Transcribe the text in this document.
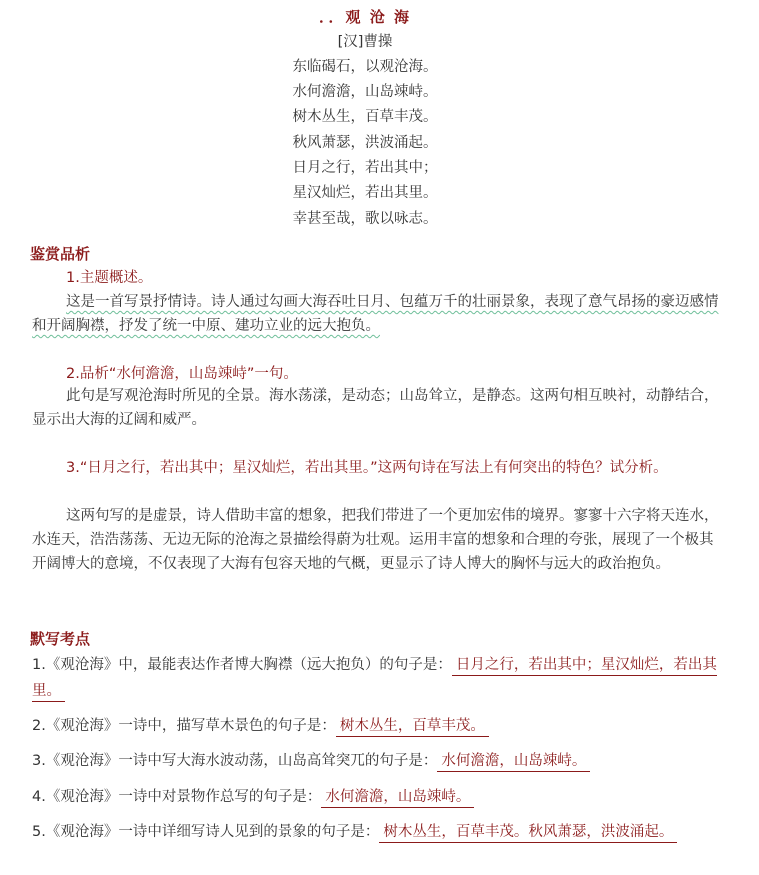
．．观 沧 海
[汉]曹操
东临碣石，以观沧海。
水何澹澹，山岛竦峙。
树木丛生，百草丰茂。
秋风萧瑟，洪波涌起。
日月之行，若出其中；
星汉灿烂，若出其里。
幸甚至哉，歌以咏志。
鉴赏品析
1.主题概述。
这是一首写景抒情诗。诗人通过勾画大海吞吐日月、包蕴万千的壮丽景象，表现了意气昂扬的豪迈感情和开阔胸襟，抒发了统一中原、建功立业的远大抱负。
2.品析“水何澹澹，山岛竦峙”一句。
此句是写观沧海时所见的全景。海水荡漾，是动态；山岛耸立，是静态。这两句相互映衬，动静结合，显示出大海的辽阔和威严。
3.“日月之行，若出其中；星汉灿烂，若出其里。”这两句诗在写法上有何突出的特色？试分析。
这两句写的是虚景，诗人借助丰富的想象，把我们带进了一个更加宏伟的境界。寥寥十六字将天连水，水连天，浩浩荡荡、无边无际的沧海之景描绘得蔚为壮观。运用丰富的想象和合理的夸张，展现了一个极其开阔博大的意境，不仅表现了大海有包容天地的气概，更显示了诗人博大的胸怀与远大的政治抱负。
默写考点
1.《观沧海》中，最能表达作者博大胸襟（远大抱负）的句子是： 日月之行，若出其中；星汉灿烂，若出其里。
2.《观沧海》一诗中，描写草木景色的句子是： 树木丛生，百草丰茂。
3.《观沧海》一诗中写大海水波动荡，山岛高耸突兀的句子是： 水何澹澹，山岛竦峙。
4.《观沧海》一诗中对景物作总写的句子是： 水何澹澹，山岛竦峙。
5.《观沧海》一诗中详细写诗人见到的景象的句子是： 树木丛生，百草丰茂。秋风萧瑟，洪波涌起。
